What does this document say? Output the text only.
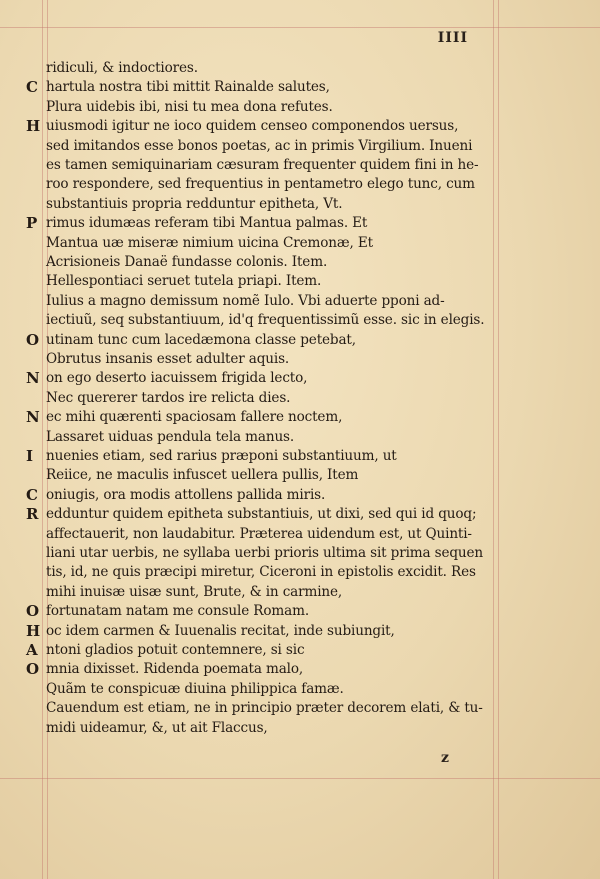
IIII
ridiculi, & indoctiores.
C hartula nostra tibi mittit Rainalde salutes,
Plura uidebis ibi, nisi tu mea dona refutes.
H uiusmodi igitur ne ioco quidem censeo componendos uersus,
sed imitandos esse bonos poetas, ac in primis Virgilium. Inueni
es tamen semiquinariam cæsuram frequenter quidem fini in he-
roo respondere, sed frequentius in pentametro elego tunc, cum
substantiuis propria redduntur epitheta, Vt.
P rimus idumæas referam tibi Mantua palmas. Et
Mantua uæ miseræ nimium uicina Cremonæ, Et
Acrisioneis Danaë fundasse colonis. Item.
Hellespontiaci seruet tutela priapi. Item.
Iulius a magno demissum nomẽ Iulo. Vbi aduerte pponi ad-
iectiuũ, seq substantiuum, id'q frequentissimũ esse. sic in elegis.
O utinam tunc cum lacedæmona classe petebat,
Obrutus insanis esset adulter aquis.
N on ego deserto iacuissem frigida lecto,
Nec quererer tardos ire relicta dies.
N ec mihi quærenti spaciosam fallere noctem,
Lassaret uiduas pendula tela manus.
I nuenies etiam, sed rarius præponi substantiuum, ut
Reiice, ne maculis infuscet uellera pullis, Item
C oniugis, ora modis attollens pallida miris.
R edduntur quidem epitheta substantiuis, ut dixi, sed qui id quoq;
affectauerit, non laudabitur. Præterea uidendum est, ut Quinti-
liani utar uerbis, ne syllaba uerbi prioris ultima sit prima sequen
tis, id, ne quis præcipi miretur, Ciceroni in epistolis excidit. Res
mihi inuisæ uisæ sunt, Brute, & in carmine,
O fortunatam natam me consule Romam.
H oc idem carmen & Iuuenalis recitat, inde subiungit,
A ntoni gladios potuit contemnere, si sic
O mnia dixisset. Ridenda poemata malo,
Quãm te conspicuæ diuina philippica famæ.
Cauendum est etiam, ne in principio præter decorem elati, & tu-
midi uideamur, &, ut ait Flaccus,
z
